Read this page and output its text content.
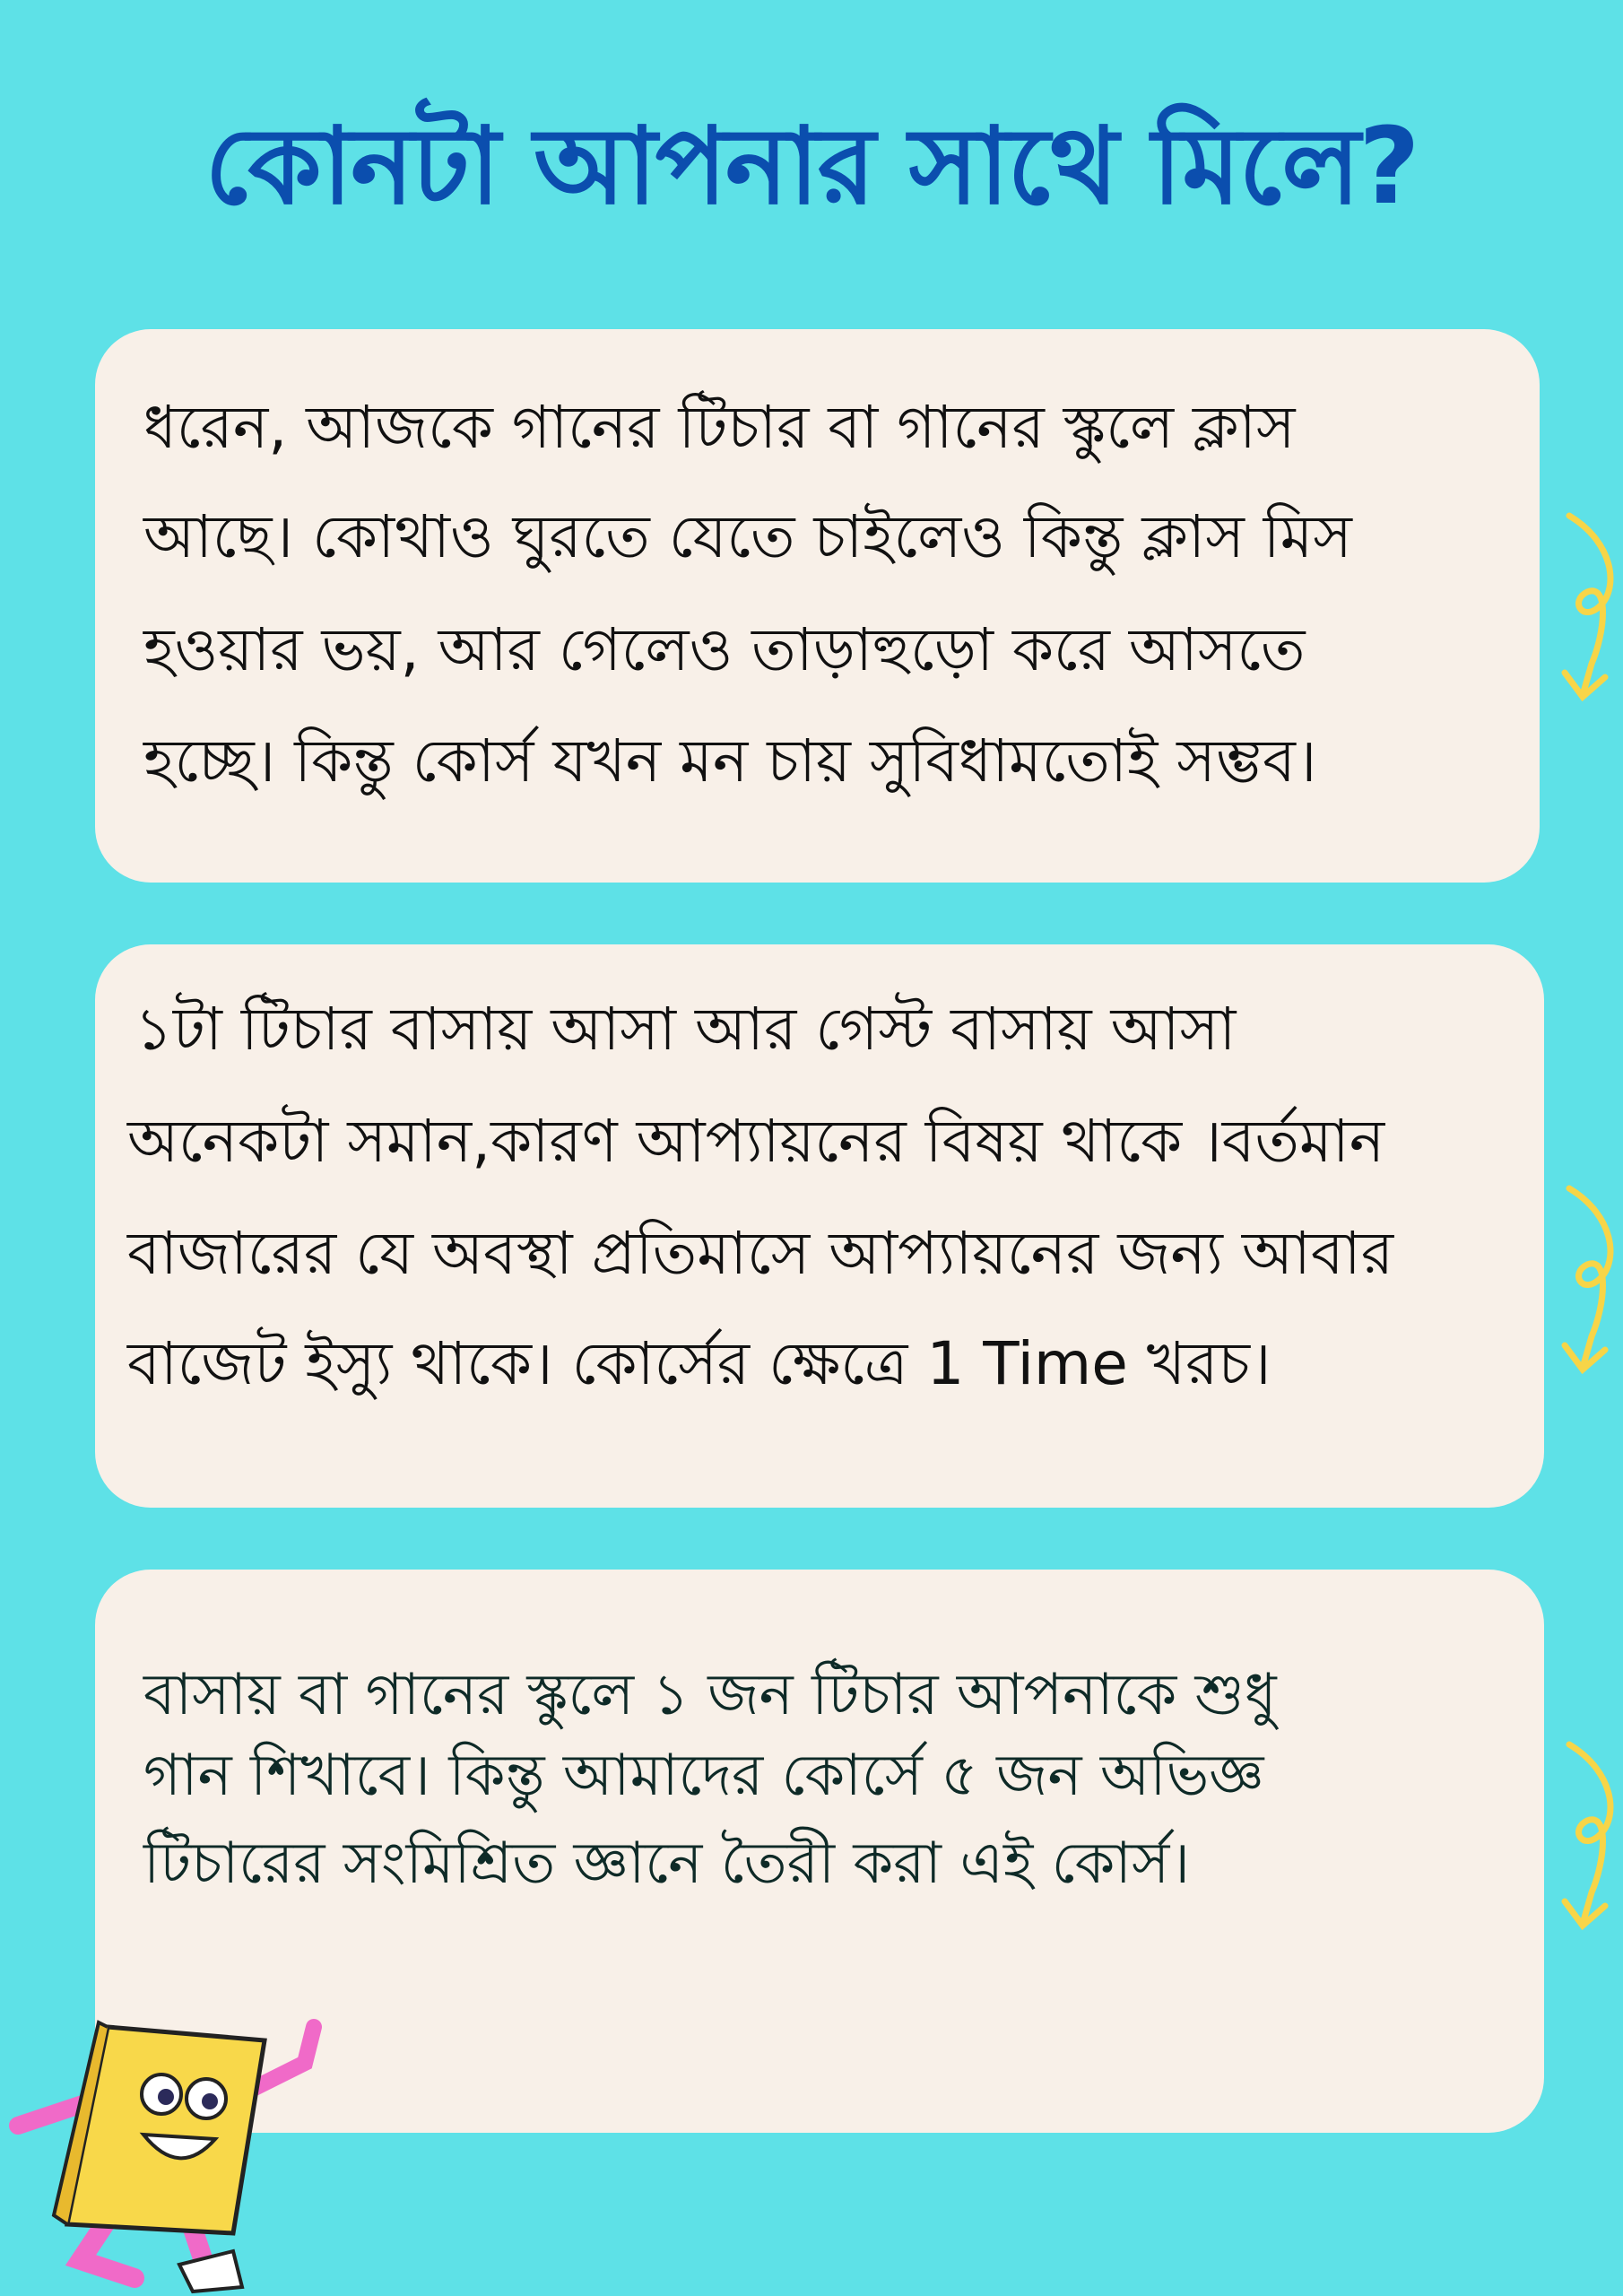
কোনটা আপনার সাথে মিলে?
ধরেন, আজকে গানের টিচার বা গানের স্কুলে ক্লাস
আছে। কোথাও ঘুরতে যেতে চাইলেও কিন্তু ক্লাস মিস
হওয়ার ভয়, আর গেলেও তাড়াহুড়ো করে আসতে
হচ্ছে। কিন্তু কোর্স যখন মন চায় সুবিধামতোই সম্ভব।
১টা টিচার বাসায় আসা আর গেস্ট বাসায় আসা
অনেকটা সমান,কারণ আপ্যায়নের বিষয় থাকে ।বর্তমান
বাজারের যে অবস্থা প্রতিমাসে আপ্যায়নের জন্য আবার
বাজেট ইস্যু থাকে। কোর্সের ক্ষেত্রে 1 Time খরচ।
বাসায় বা গানের স্কুলে ১ জন টিচার আপনাকে শুধু
গান শিখাবে। কিন্তু আমাদের কোর্সে ৫ জন অভিজ্ঞ
টিচারের সংমিশ্রিত জ্ঞানে তৈরী করা এই কোর্স।
